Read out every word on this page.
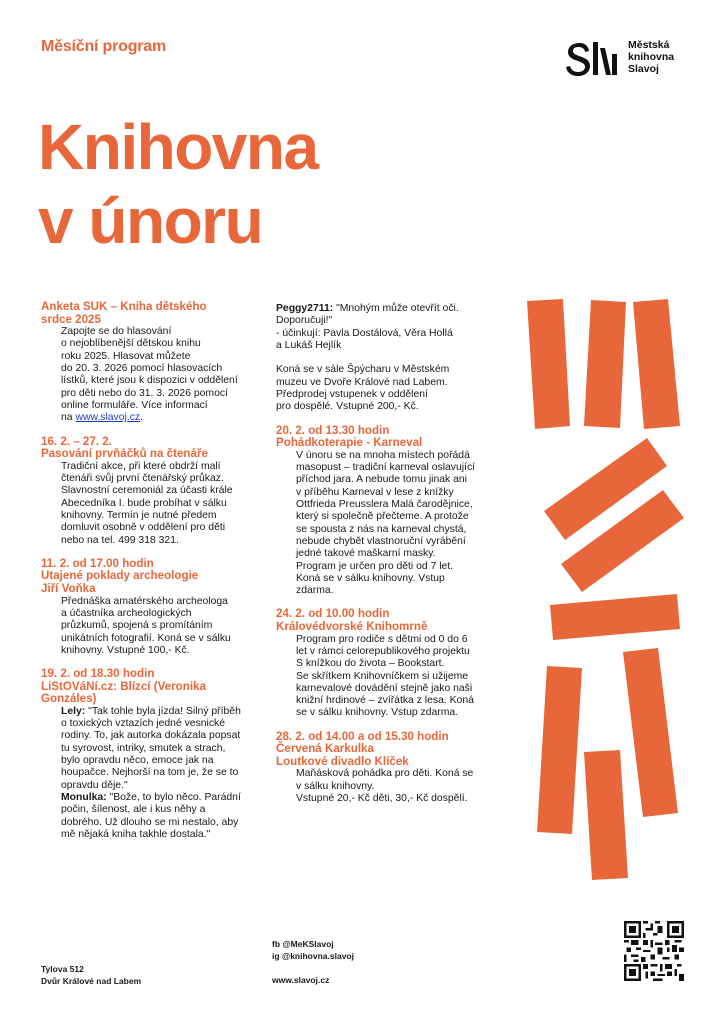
Měsíční program	Městská
knihovna
Slavoj
Knihovna
v únoru
Anketa SUK – Kniha dětského
srdce 2025

Zapojte se do hlasování

o nejoblíbenější dětskou knihu

roku 2025. Hlasovat můžete

do 20. 3. 2026 pomocí hlasovacích

lístků, které jsou k dispozici v oddělení

pro děti nebo do 31. 3. 2026 pomocí

online formuláře. Více informací

na www.slavoj.cz.

16. 2. – 27. 2.
Pasování prvňáčků na čtenáře

Tradiční akce, při které obdrží malí

čtenáři svůj první čtenářský průkaz.

Slavnostní ceremoniál za účasti krále

Abecedníka I. bude probíhat v sálku

knihovny. Termín je nutné předem

domluvit osobně v oddělení pro děti

nebo na tel. 499 318 321.

11. 2. od 17.00 hodin
Utajené poklady archeologie
Jiří Voňka

Přednáška amatérského archeologa

a účastníka archeologických

průzkumů, spojená s promítáním

unikátních fotografií. Koná se v sálku

knihovny. Vstupné 100,- Kč.

19. 2. od 18.30 hodin
LiStOVáNí.cz: Blízcí (Veronika
Gonzáles)

Lely: "Tak tohle byla jízda! Silný příběh

o toxických vztazích jedné vesnické

rodiny. To, jak autorka dokázala popsat

tu syrovost, intriky, smutek a strach,

bylo opravdu něco, emoce jak na

houpačce. Nejhorší na tom je, že se to

opravdu děje."

Monulka: "Bože, to bylo něco. Parádní

počin, šílenost, ale i kus něhy a

dobrého. Už dlouho se mi nestalo, aby

mě nějaká kniha takhle dostala."

Peggy2711: "Mnohým může otevřít oči.

Doporučuji!"

- účinkují: Pavla Dostálová, Věra Hollá

a Lukáš Hejlík

Koná se v sále Špýcharu v Městském

muzeu ve Dvoře Králové nad Labem.

Předprodej vstupenek v oddělení

pro dospělé. Vstupné 200,- Kč.

20. 2. od 13.30 hodin
Pohádkoterapie - Karneval

V únoru se na mnoha místech pořádá

masopust – tradiční karneval oslavující

příchod jara. A nebude tomu jinak ani

v příběhu Karneval v lese z knížky

Ottfrieda Preusslera Malá čarodějnice,

který si společně přečteme. A protože

se spousta z nás na karneval chystá,

nebude chybět vlastnoruční vyrábění

jedné takové maškarní masky.

Program je určen pro děti od 7 let.

Koná se v sálku knihovny. Vstup

zdarma.

24. 2. od 10.00 hodin
Královédvorské Knihomrně

Program pro rodiče s dětmi od 0 do 6

let v rámci celorepublikového projektu

S knížkou do života – Bookstart.

Se skřítkem Knihovníčkem si užijeme

karnevalové dovádění stejně jako naši

knižní hrdinové – zvířátka z lesa. Koná

se v sálku knihovny. Vstup zdarma.

28. 2. od 14.00 a od 15.30 hodin
Červená Karkulka
Loutkové divadlo Klíček

Maňásková pohádka pro děti. Koná se

v sálku knihovny.

Vstupné 20,- Kč děti, 30,- Kč dospělí.

Tylova 512
Dvůr Králové nad Labem
fb @MeKSlavoj
ig @knihovna.slavoj
www.slavoj.cz
